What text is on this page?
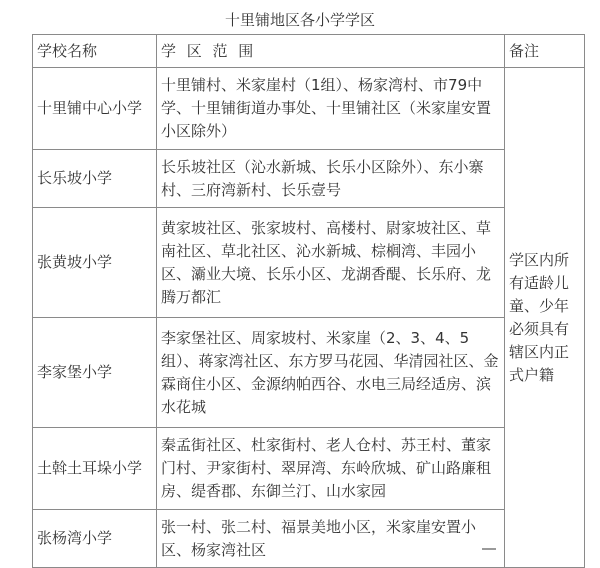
十里铺地区各小学学区
学校名称	学 区 范 围	备注
十里铺中心小学	十里铺村、米家崖村（1组）、杨家湾村、市79中学、十里铺街道办事处、十里铺社区（米家崖安置小区除外）	学区内所有适龄儿童、少年必须具有辖区内正式户籍
长乐坡小学	长乐坡社区（沁水新城、长乐小区除外）、东小寨村、三府湾新村、长乐壹号	
张黄坡小学	黄家坡社区、张家坡村、高楼村、尉家坡社区、草南社区、草北社区、沁水新城、棕榈湾、丰园小区、灞业大境、长乐小区、龙湖香醍、长乐府、龙腾万都汇	
李家堡小学	李家堡社区、周家坡村、米家崖（2、3、4、5组）、蒋家湾社区、东方罗马花园、华清园社区、金霖商住小区、金源纳帕西谷、水电三局经适房、滨水花城	
土斡土耳垛小学	秦孟街社区、杜家街村、老人仓村、苏王村、董家门村、尹家街村、翠屏湾、东岭欣城、矿山路廉租房、缇香郡、东御兰汀、山水家园	
张杨湾小学	张一村、张二村、福景美地小区，米家崖安置小区、杨家湾社区	
